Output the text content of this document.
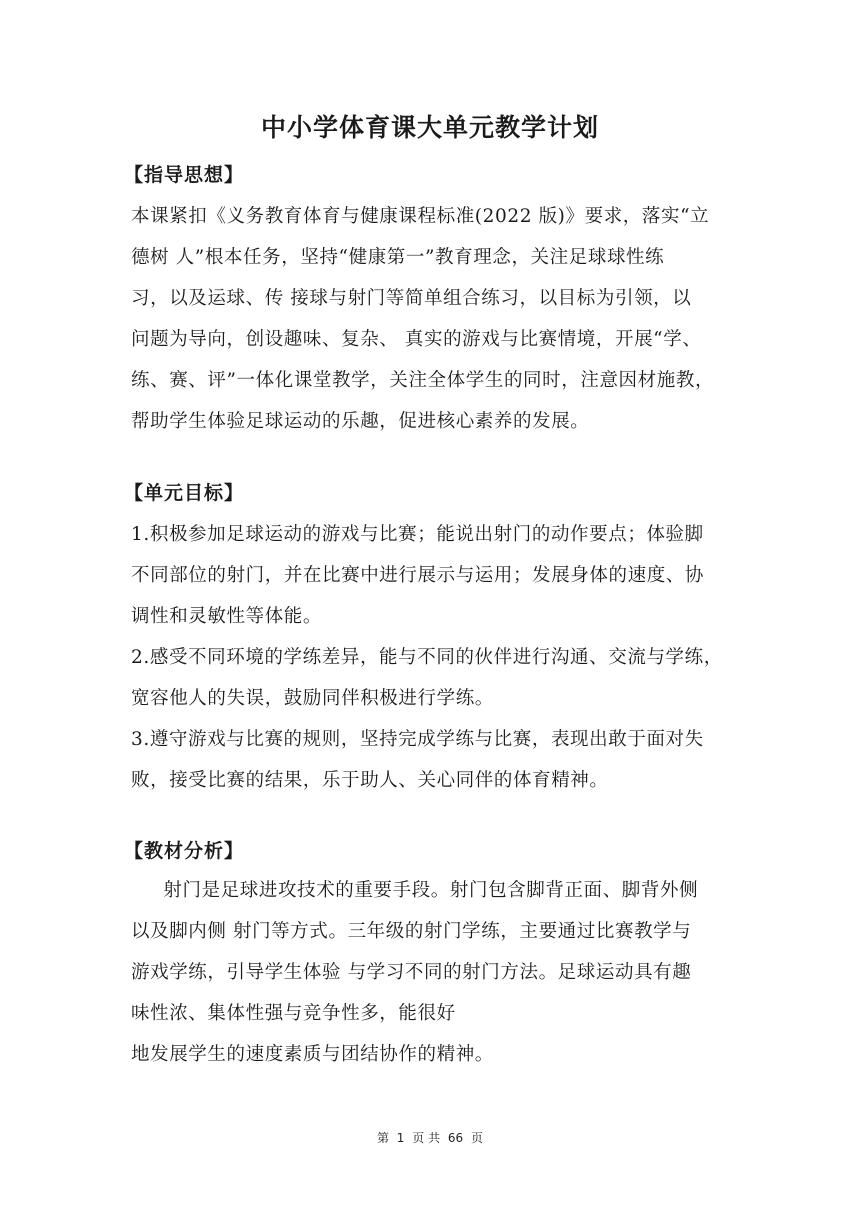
中小学体育课大单元教学计划
【指导思想】
本课紧扣《义务教育体育与健康课程标准(2022 版)》要求，落实“立
德树 人”根本任务，坚持“健康第一”教育理念，关注足球球性练
习，以及运球、传 接球与射门等简单组合练习，以目标为引领，以
问题为导向，创设趣味、复杂、 真实的游戏与比赛情境，开展“学、
练、赛、评”一体化课堂教学，关注全体学生的同时，注意因材施教，
帮助学生体验足球运动的乐趣，促进核心素养的发展。
【单元目标】
1.积极参加足球运动的游戏与比赛；能说出射门的动作要点；体验脚
不同部位的射门，并在比赛中进行展示与运用；发展身体的速度、协
调性和灵敏性等体能。
2.感受不同环境的学练差异，能与不同的伙伴进行沟通、交流与学练，
宽容他人的失误，鼓励同伴积极进行学练。
3.遵守游戏与比赛的规则，坚持完成学练与比赛，表现出敢于面对失
败，接受比赛的结果，乐于助人、关心同伴的体育精神。
【教材分析】
射门是足球进攻技术的重要手段。射门包含脚背正面、脚背外侧
以及脚内侧 射门等方式。三年级的射门学练，主要通过比赛教学与
游戏学练，引导学生体验 与学习不同的射门方法。足球运动具有趣
味性浓、集体性强与竞争性多，能很好
地发展学生的速度素质与团结协作的精神。
第 1 页 共 66 页
